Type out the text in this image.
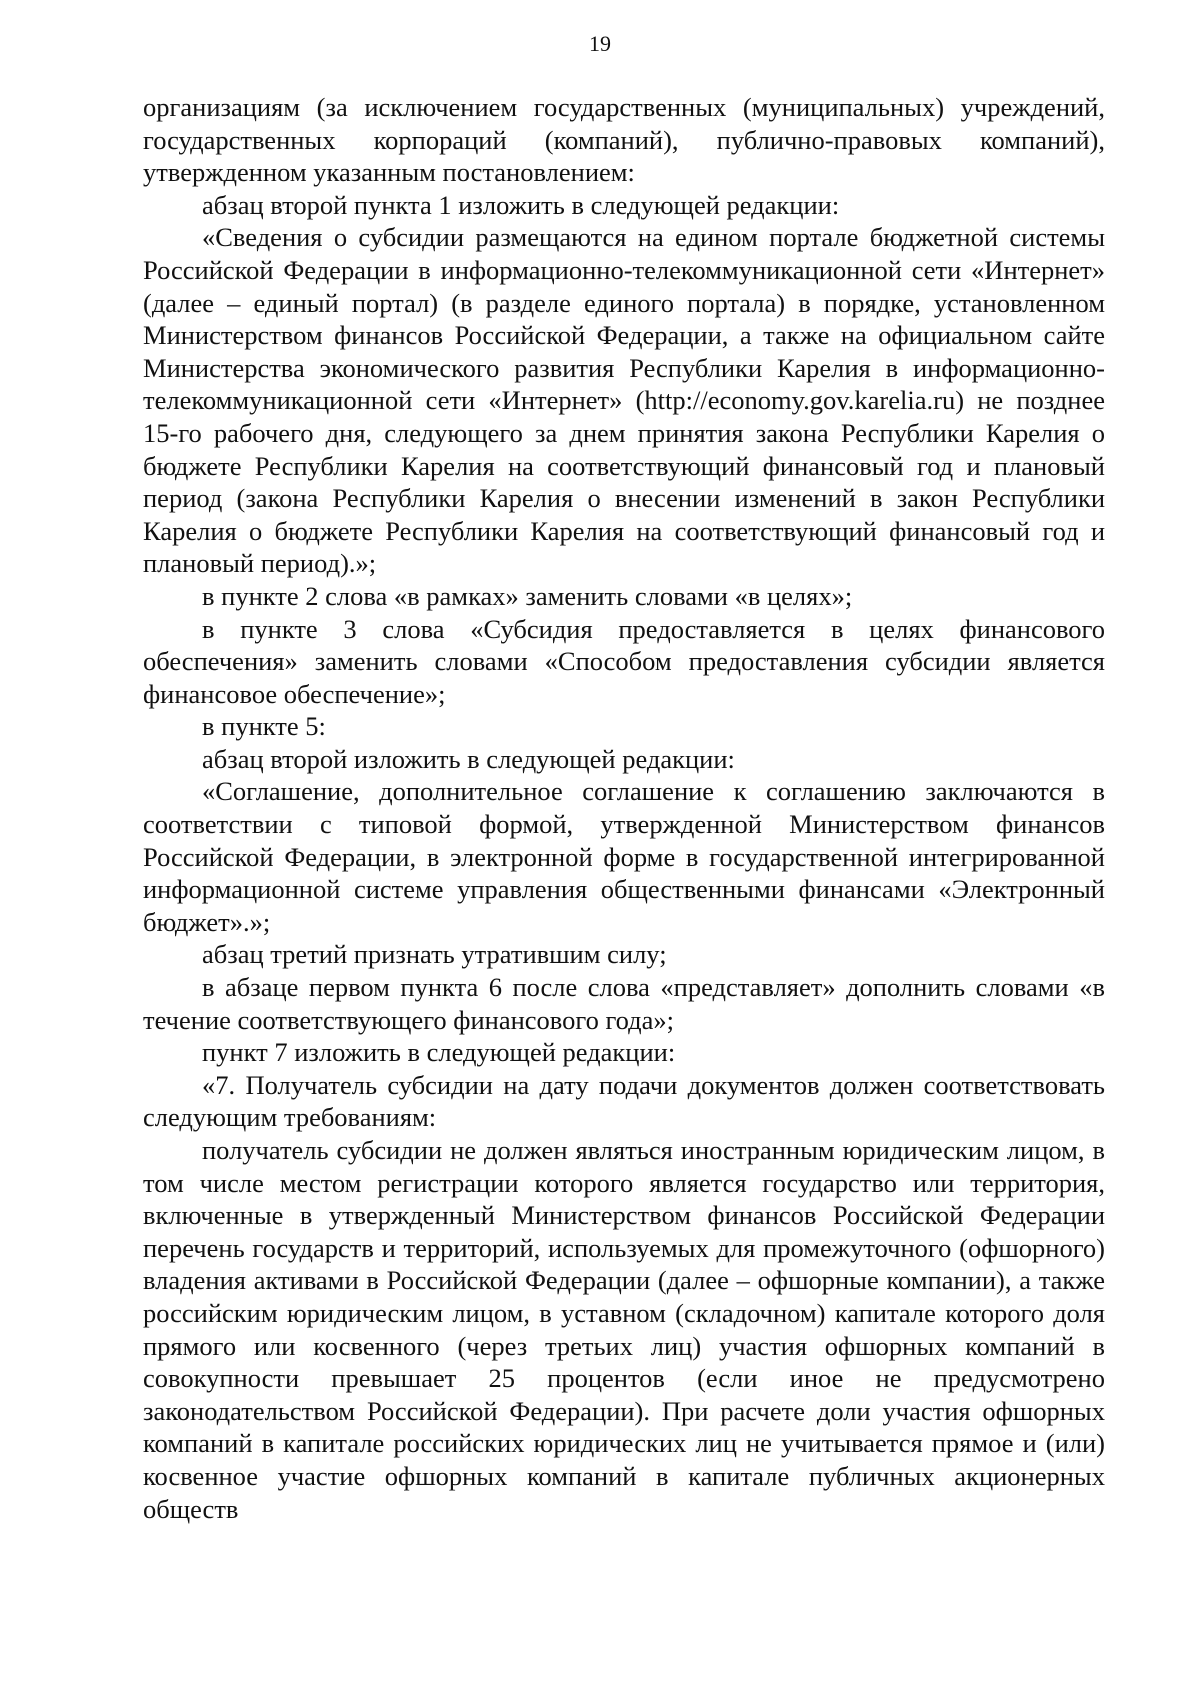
19

организациям (за исключением государственных (муниципальных) учреждений, государственных корпораций (компаний), публично-правовых компаний), утвержденном указанным постановлением:

абзац второй пункта 1 изложить в следующей редакции:

«Сведения о субсидии размещаются на едином портале бюджетной системы Российской Федерации в информационно-телекоммуникационной сети «Интернет» (далее – единый портал) (в разделе единого портала) в порядке, установленном Министерством финансов Российской Федерации, а также на официальном сайте Министерства экономического развития Республики Карелия в информационно-телекоммуникационной сети «Интернет» (http://economy.gov.karelia.ru) не позднее 15-го рабочего дня, следующего за днем принятия закона Республики Карелия о бюджете Республики Карелия на соответствующий финансовый год и плановый период (закона Республики Карелия о внесении изменений в закон Республики Карелия о бюджете Республики Карелия на соответствующий финансовый год и плановый период).»;

в пункте 2 слова «в рамках» заменить словами «в целях»;

в пункте 3 слова «Субсидия предоставляется в целях финансового обеспечения» заменить словами «Способом предоставления субсидии является финансовое обеспечение»;

в пункте 5:

абзац второй изложить в следующей редакции:

«Соглашение, дополнительное соглашение к соглашению заключаются в соответствии с типовой формой, утвержденной Министерством финансов Российской Федерации, в электронной форме в государственной интегрированной информационной системе управления общественными финансами «Электронный бюджет».»;

абзац третий признать утратившим силу;

в абзаце первом пункта 6 после слова «представляет» дополнить словами «в течение соответствующего финансового года»;

пункт 7 изложить в следующей редакции:

«7. Получатель субсидии на дату подачи документов должен соответствовать следующим требованиям:

получатель субсидии не должен являться иностранным юридическим лицом, в том числе местом регистрации которого является государство или территория, включенные в утвержденный Министерством финансов Российской Федерации перечень государств и территорий, используемых для промежуточного (офшорного) владения активами в Российской Федерации (далее – офшорные компании), а также российским юридическим лицом, в уставном (складочном) капитале которого доля прямого или косвенного (через третьих лиц) участия офшорных компаний в совокупности превышает 25 процентов (если иное не предусмотрено законодательством Российской Федерации). При расчете доли участия офшорных компаний в капитале российских юридических лиц не учитывается прямое и (или) косвенное участие офшорных компаний в капитале публичных акционерных обществ
